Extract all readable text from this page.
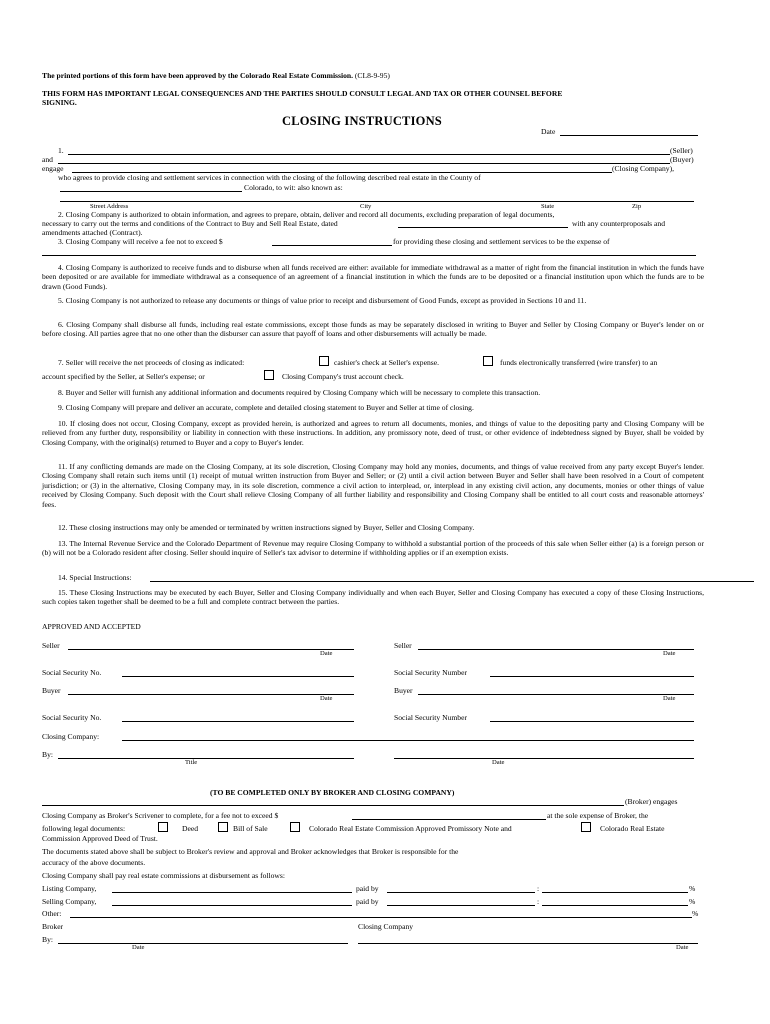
The printed portions of this form have been approved by the Colorado Real Estate Commission. (CL8-9-95)
THIS FORM HAS IMPORTANT LEGAL CONSEQUENCES AND THE PARTIES SHOULD CONSULT LEGAL AND TAX OR OTHER COUNSEL BEFORE
SIGNING.
CLOSING INSTRUCTIONS
Date
1.	(Seller)
and	(Buyer)
engage	(Closing Company),
who agrees to provide closing and settlement services in connection with the closing of the following described real estate in the County of
Colorado, to wit: also known as:
Street Address	City	State	Zip
2. Closing Company is authorized to obtain information, and agrees to prepare, obtain, deliver and record all documents, excluding preparation of legal documents,
necessary to carry out the terms and conditions of the Contract to Buy and Sell Real Estate, dated	with any counterproposals and
amendments attached (Contract).
3. Closing Company will receive a fee not to exceed $	for providing these closing and settlement services to be the expense of
4. Closing Company is authorized to receive funds and to disburse when all funds received are either: available for immediate withdrawal as a matter of right from the financial institution in which the funds have been deposited or are available for immediate withdrawal as a consequence of an agreement of a financial institution in which the funds are to be deposited or a financial institution upon which the funds are to be drawn (Good Funds).
5. Closing Company is not authorized to release any documents or things of value prior to receipt and disbursement of Good Funds, except as provided in Sections 10 and 11.
6. Closing Company shall disburse all funds, including real estate commissions, except those funds as may be separately disclosed in writing to Buyer and Seller by Closing Company or Buyer's lender on or before closing. All parties agree that no one other than the disburser can assure that payoff of loans and other disbursements will actually be made.
7. Seller will receive the net proceeds of closing as indicated:	cashier's check at Seller's expense.	funds electronically transferred (wire transfer) to an
account specified by the Seller, at Seller's expense; or	Closing Company's trust account check.
8. Buyer and Seller will furnish any additional information and documents required by Closing Company which will be necessary to complete this transaction.
9. Closing Company will prepare and deliver an accurate, complete and detailed closing statement to Buyer and Seller at time of closing.
10. If closing does not occur, Closing Company, except as provided herein, is authorized and agrees to return all documents, monies, and things of value to the depositing party and Closing Company will be relieved from any further duty, responsibility or liability in connection with these instructions. In addition, any promissory note, deed of trust, or other evidence of indebtedness signed by Buyer, shall be voided by Closing Company, with the original(s) returned to Buyer and a copy to Buyer's lender.
11. If any conflicting demands are made on the Closing Company, at its sole discretion, Closing Company may hold any monies, documents, and things of value received from any party except Buyer's lender. Closing Company shall retain such items until (1) receipt of mutual written instruction from Buyer and Seller; or (2) until a civil action between Buyer and Seller shall have been resolved in a Court of competent jurisdiction; or (3) in the alternative, Closing Company may, in its sole discretion, commence a civil action to interplead, or, interplead in any existing civil action, any documents, monies or other things of value received by Closing Company. Such deposit with the Court shall relieve Closing Company of all further liability and responsibility and Closing Company shall be entitled to all court costs and reasonable attorneys' fees.
12. These closing instructions may only be amended or terminated by written instructions signed by Buyer, Seller and Closing Company.
13. The Internal Revenue Service and the Colorado Department of Revenue may require Closing Company to withhold a substantial portion of the proceeds of this sale when Seller either (a) is a foreign person or (b) will not be a Colorado resident after closing. Seller should inquire of Seller's tax advisor to determine if withholding applies or if an exemption exists.
14. Special Instructions:
15. These Closing Instructions may be executed by each Buyer, Seller and Closing Company individually and when each Buyer, Seller and Closing Company has executed a copy of these Closing Instructions, such copies taken together shall be deemed to be a full and complete contract between the parties.
APPROVED AND ACCEPTED
Seller
Date
Seller
Date
Social Security No.	Social Security Number
Buyer
Date
Buyer
Date
Social Security No.	Social Security Number
Closing Company:
By:
Title	Date
(TO BE COMPLETED ONLY BY BROKER AND CLOSING COMPANY)
(Broker) engages
Closing Company as Broker's Scrivener to complete, for a fee not to exceed $	at the sole expense of Broker, the
following legal documents:	Deed	Bill of Sale	Colorado Real Estate Commission Approved Promissory Note and	Colorado Real Estate
Commission Approved Deed of Trust.
The documents stated above shall be subject to Broker's review and approval and Broker acknowledges that Broker is responsible for the
accuracy of the above documents.
Closing Company shall pay real estate commissions at disbursement as follows:
Listing Company,	paid by	:	%
Selling Company,	paid by	:	%
Other:	%
Broker	Closing Company
By:
Date	Date
